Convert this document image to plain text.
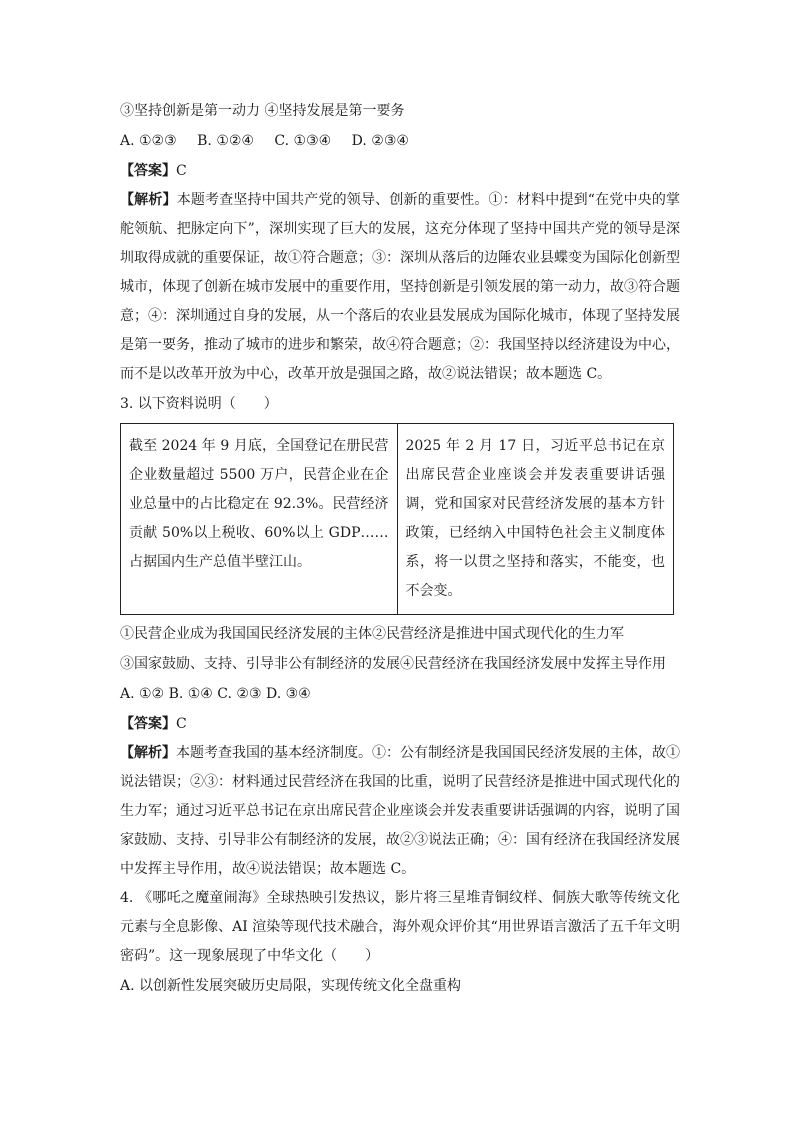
③坚持创新是第一动力 ④坚持发展是第一要务
A. ①②③ B. ①②④ C. ①③④ D. ②③④
【答案】C
【解析】本题考查坚持中国共产党的领导、创新的重要性。①：材料中提到“在党中央的掌舵领航、把脉定向下”，深圳实现了巨大的发展，这充分体现了坚持中国共产党的领导是深圳取得成就的重要保证，故①符合题意；③：深圳从落后的边陲农业县蝶变为国际化创新型城市，体现了创新在城市发展中的重要作用，坚持创新是引领发展的第一动力，故③符合题意；④：深圳通过自身的发展，从一个落后的农业县发展成为国际化城市，体现了坚持发展是第一要务，推动了城市的进步和繁荣，故④符合题意；②：我国坚持以经济建设为中心，而不是以改革开放为中心，改革开放是强国之路，故②说法错误；故本题选 C。
3. 以下资料说明（　　）
截至 2024 年 9 月底，全国登记在册民营企业数量超过 5500 万户，民营企业在企业总量中的占比稳定在 92.3%。民营经济贡献 50%以上税收、60%以上 GDP……占据国内生产总值半壁江山。	2025 年 2 月 17 日，习近平总书记在京出席民营企业座谈会并发表重要讲话强调，党和国家对民营经济发展的基本方针政策，已经纳入中国特色社会主义制度体系，将一以贯之坚持和落实，不能变，也不会变。
①民营企业成为我国国民经济发展的主体②民营经济是推进中国式现代化的生力军
③国家鼓励、支持、引导非公有制经济的发展④民营经济在我国经济发展中发挥主导作用
A. ①② B. ①④ C. ②③ D. ③④
【答案】C
【解析】本题考查我国的基本经济制度。①：公有制经济是我国国民经济发展的主体，故①说法错误；②③：材料通过民营经济在我国的比重，说明了民营经济是推进中国式现代化的生力军；通过习近平总书记在京出席民营企业座谈会并发表重要讲话强调的内容，说明了国家鼓励、支持、引导非公有制经济的发展，故②③说法正确；④：国有经济在我国经济发展中发挥主导作用，故④说法错误；故本题选 C。
4. 《哪吒之魔童闹海》全球热映引发热议，影片将三星堆青铜纹样、侗族大歌等传统文化元素与全息影像、AI 渲染等现代技术融合，海外观众评价其“用世界语言激活了五千年文明密码”。这一现象展现了中华文化（　　）
A. 以创新性发展突破历史局限，实现传统文化全盘重构
